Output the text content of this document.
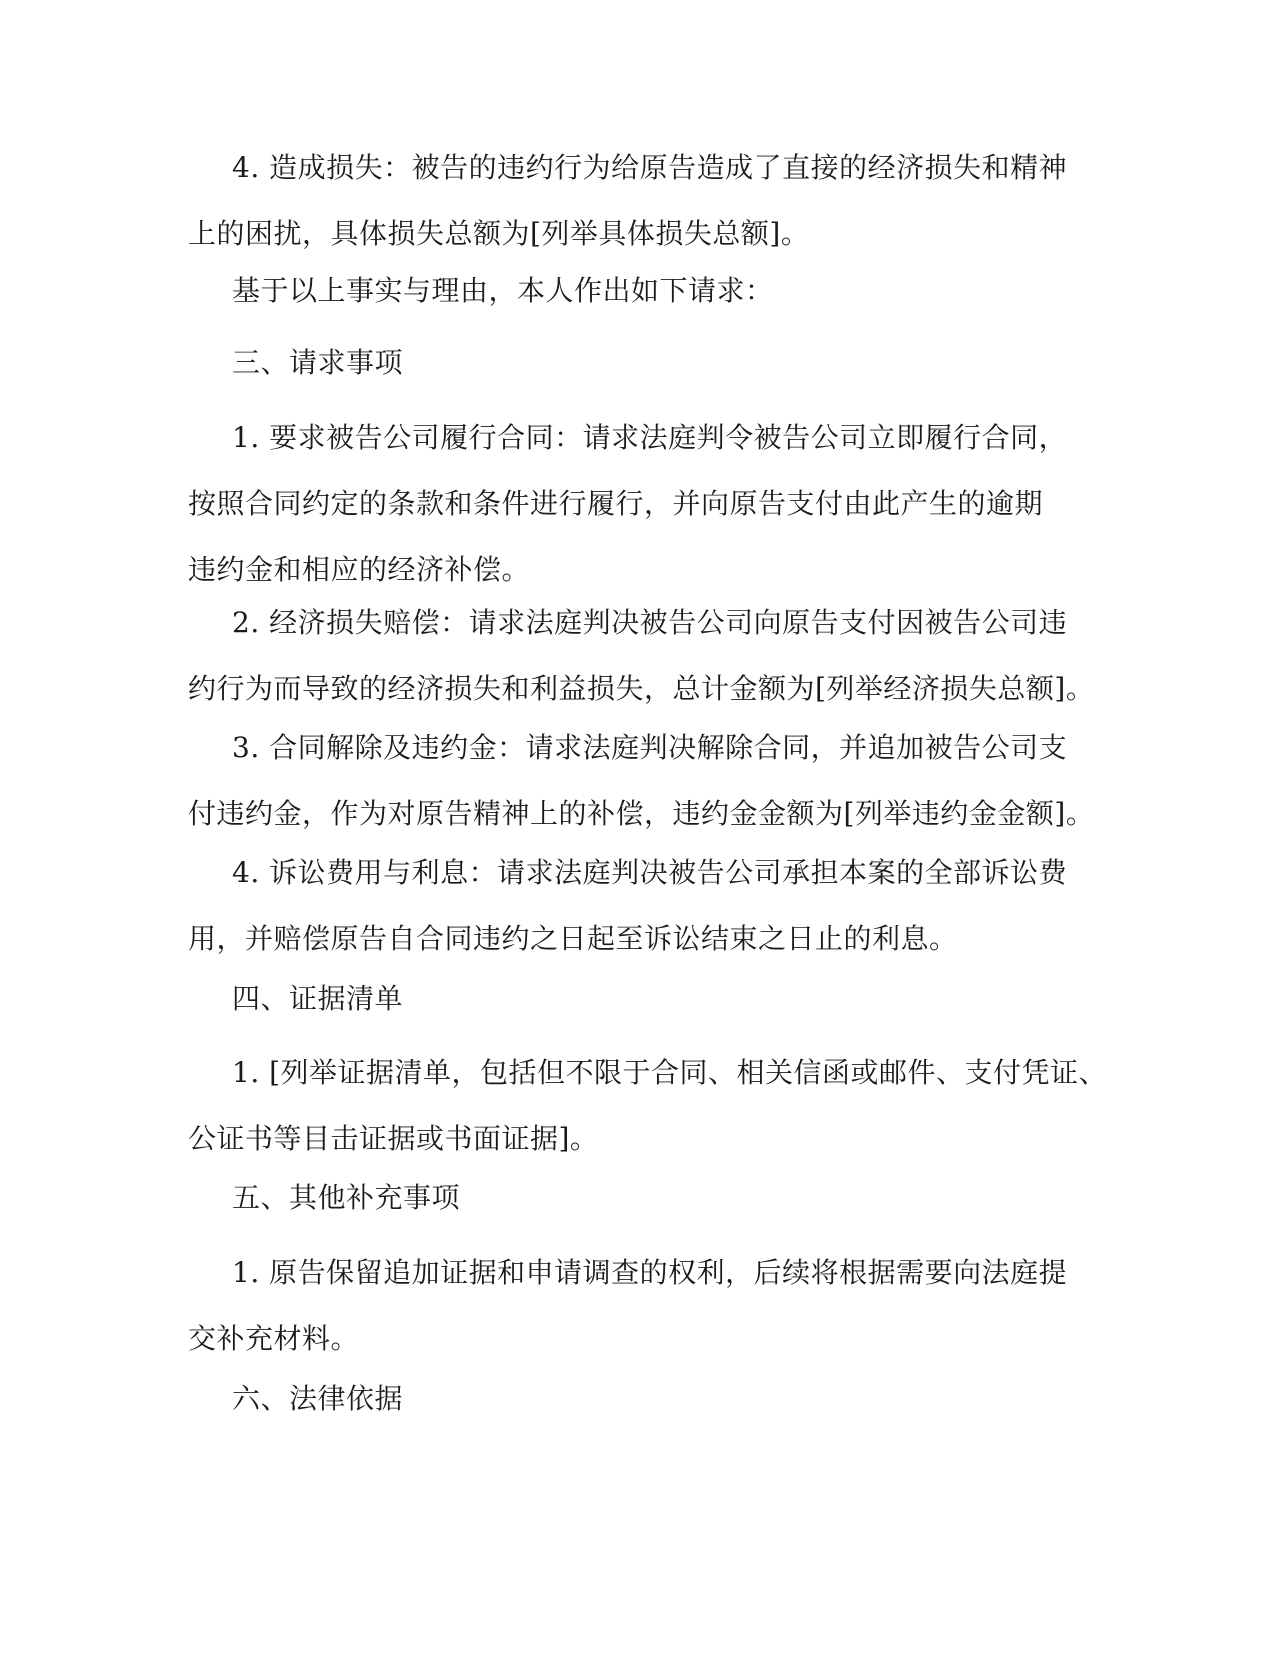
4. 造成损失：被告的违约行为给原告造成了直接的经济损失和精神
上的困扰，具体损失总额为[列举具体损失总额]。

基于以上事实与理由，本人作出如下请求：

三、请求事项

1. 要求被告公司履行合同：请求法庭判令被告公司立即履行合同，
按照合同约定的条款和条件进行履行，并向原告支付由此产生的逾期
违约金和相应的经济补偿。

2. 经济损失赔偿：请求法庭判决被告公司向原告支付因被告公司违
约行为而导致的经济损失和利益损失，总计金额为[列举经济损失总额]。

3. 合同解除及违约金：请求法庭判决解除合同，并追加被告公司支
付违约金，作为对原告精神上的补偿，违约金金额为[列举违约金金额]。

4. 诉讼费用与利息：请求法庭判决被告公司承担本案的全部诉讼费
用，并赔偿原告自合同违约之日起至诉讼结束之日止的利息。

四、证据清单

1. [列举证据清单，包括但不限于合同、相关信函或邮件、支付凭证、
公证书等目击证据或书面证据]。

五、其他补充事项

1. 原告保留追加证据和申请调查的权利，后续将根据需要向法庭提
交补充材料。

六、法律依据
